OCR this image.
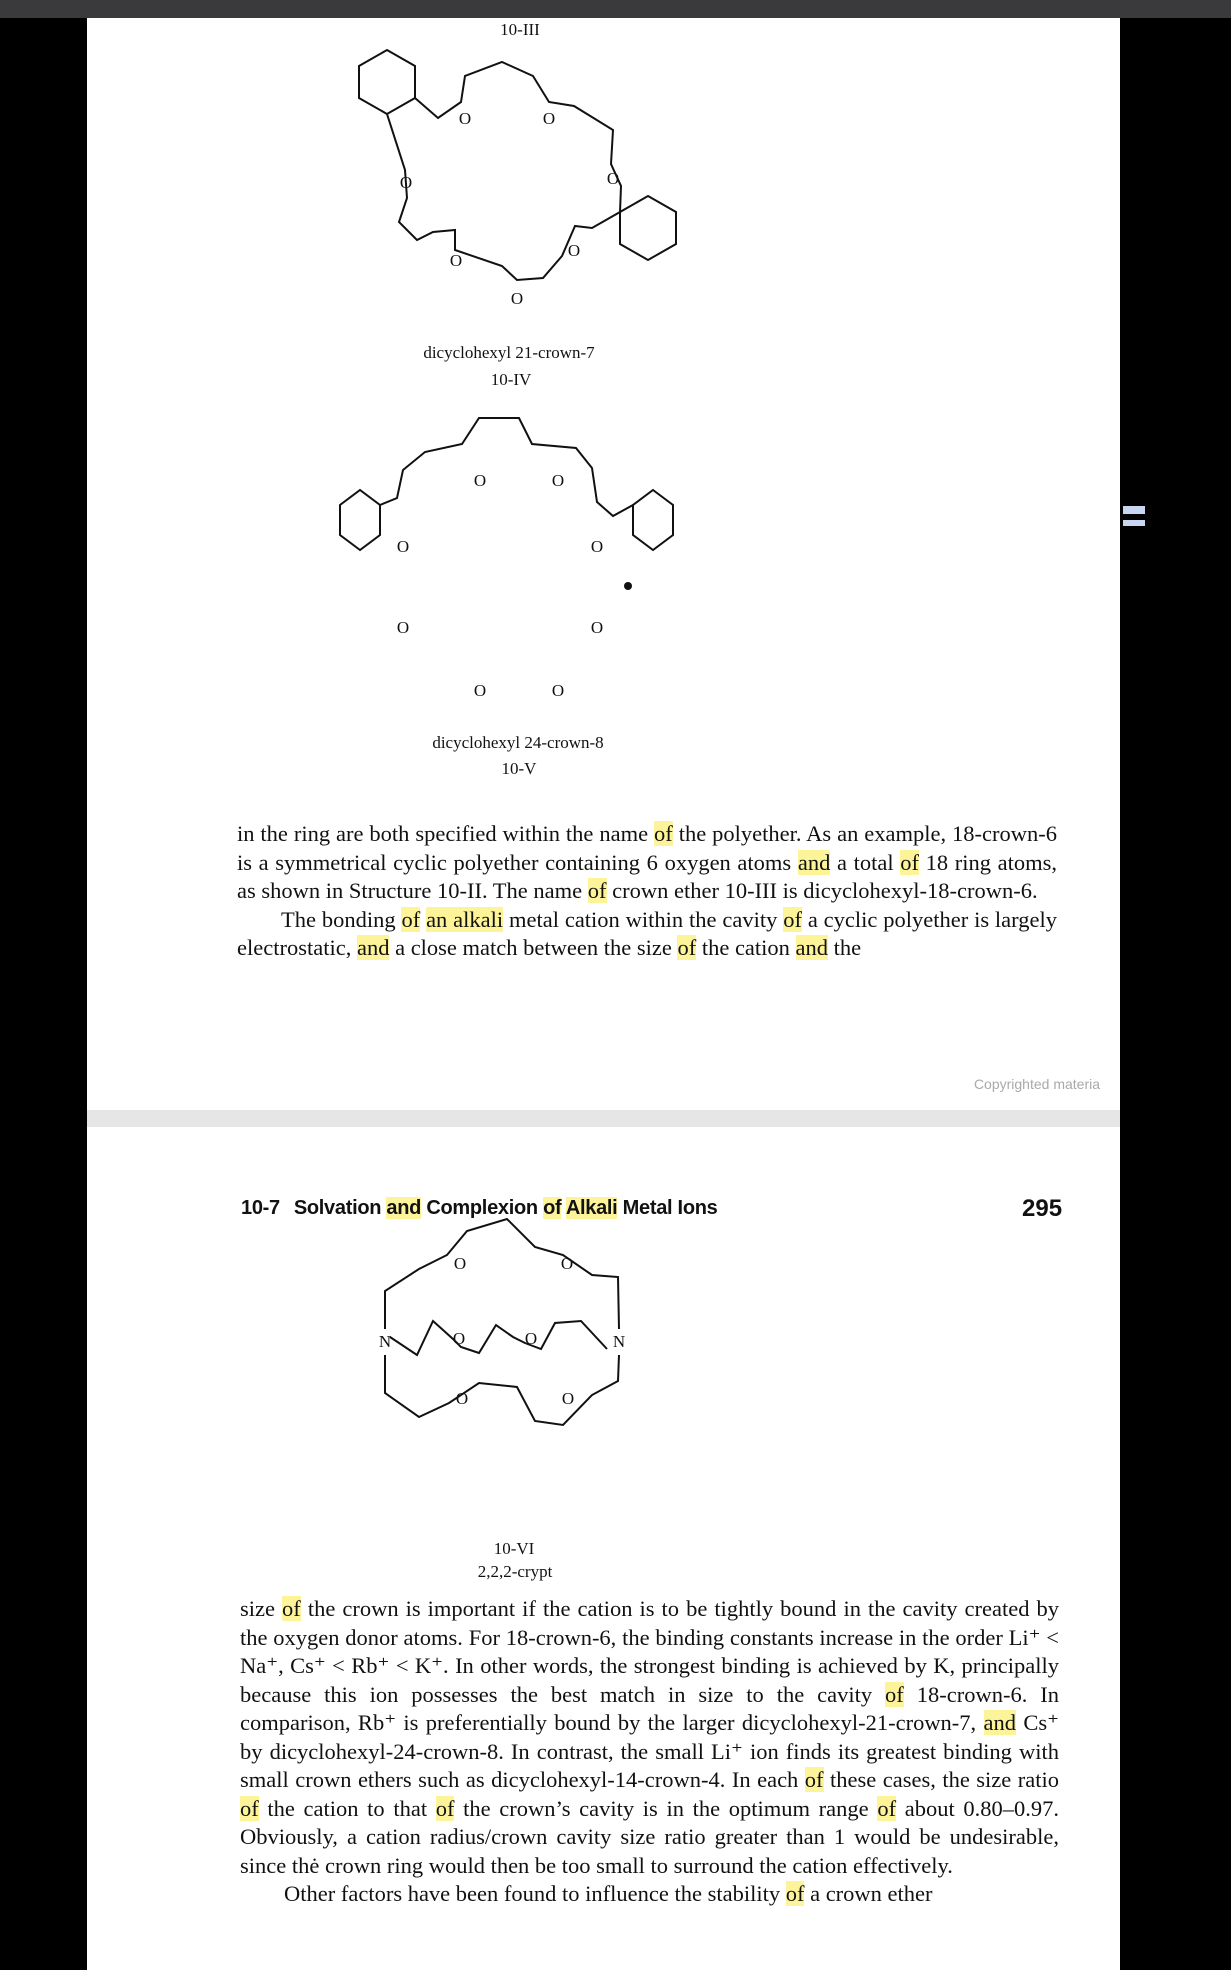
10-III
O	O
O	O
O
O
O
dicyclohexyl 21-crown-7
10-IV
O	O
O	O
O	O
O	O
dicyclohexyl 24-crown-8
10-V

in the ring are both specified within the name of the polyether. As an example, 18-crown-6 is a symmetrical cyclic polyether containing 6 oxygen atoms and a total of 18 ring atoms, as shown in Structure 10-II. The name of crown ether 10-III is dicyclohexyl-18-crown-6.

The bonding of an alkali metal cation within the cavity of a cyclic polyether is largely electrostatic, and a close match between the size of the cation and the

Copyrighted materia
10-7 Solvation and Complexion of Alkali Metal Ions	295
N	N
O	O
O	O
O	O
10-VI
2,2,2-crypt

size of the crown is important if the cation is to be tightly bound in the cavity created by the oxygen donor atoms. For 18-crown-6, the binding constants increase in the order Li⁺ < Na⁺, Cs⁺ < Rb⁺ < K⁺. In other words, the strongest binding is achieved by K, principally because this ion possesses the best match in size to the cavity of 18-crown-6. In comparison, Rb⁺ is preferentially bound by the larger dicyclohexyl-21-crown-7, and Cs⁺ by dicyclohexyl-24-crown-8. In contrast, the small Li⁺ ion finds its greatest binding with small crown ethers such as dicyclohexyl-14-crown-4. In each of these cases, the size ratio of the cation to that of the crown’s cavity is in the optimum range of about 0.80–0.97. Obviously, a cation radius/crown cavity size ratio greater than 1 would be undesirable, since thė crown ring would then be too small to surround the cation effectively.

Other factors have been found to influence the stability of a crown ether
